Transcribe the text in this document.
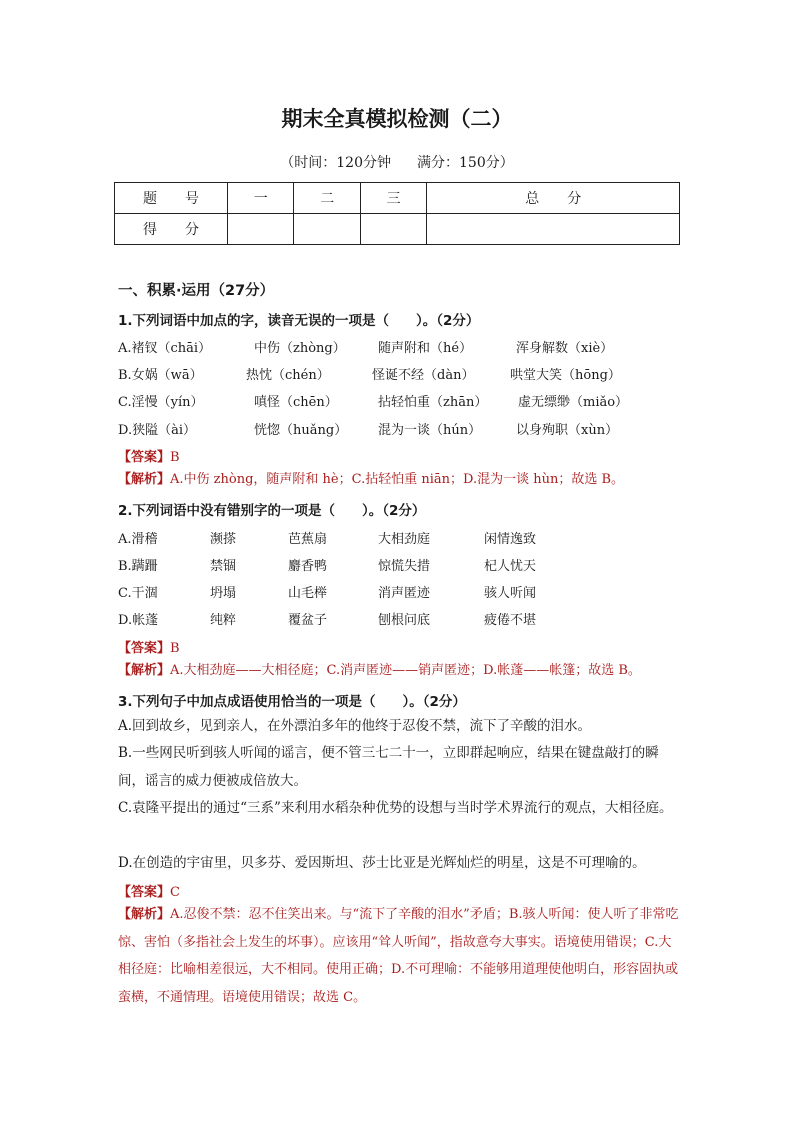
期末全真模拟检测（二）
（时间：120分钟 满分：150分）
题　　号	一	二	三	总　　分
得　　分				
一、积累·运用（27分）
1.下列词语中加点的字，读音无误的一项是（　　）。（2分）
A.褚钗（chāi）	中伤（zhòng） 随声附和（hé）	浑身解数（xiè）
B.女娲（wā）	热忱（chén）	怪诞不经（dàn）	哄堂大笑（hōng）
C.淫慢（yín）	嗔怪（chēn）	拈轻怕重（zhān） 虚无缥缈（miǎo）
D.狭隘（ài）	恍惚（huǎng） 混为一谈（hún）	以身殉职（xùn）
【答案】B
【解析】A.中伤 zhòng，随声附和 hè；C.拈轻怕重 niān；D.混为一谈 hùn；故选 B。
2.下列词语中没有错别字的一项是（　　）。（2分）
A.滑稽	濒搽	芭蕉扇	大相劲庭	闲情逸致
B.蹒跚	禁锢	麝香鸭	惊慌失措	杞人忧天
C.干涸	坍塌	山毛榉	消声匿迹	骇人听闻
D.帐蓬	纯粹	覆盆子	刨根问底	疲倦不堪
【答案】B
【解析】A.大相劲庭——大相径庭；C.消声匿迹——销声匿迹；D.帐蓬——帐篷；故选 B。
3.下列句子中加点成语使用恰当的一项是（　　）。（2分）
A.回到故乡，见到亲人，在外漂泊多年的他终于忍俊不禁，流下了辛酸的泪水。
B.一些网民听到骇人听闻的谣言，便不管三七二十一，立即群起响应，结果在键盘敲打的瞬间，谣言的威力便被成倍放大。
C.袁隆平提出的通过“三系”来利用水稻杂种优势的设想与当时学术界流行的观点，大相径庭。
D.在创造的宇宙里，贝多芬、爱因斯坦、莎士比亚是光辉灿烂的明星，这是不可理喻的。
【答案】C
【解析】A.忍俊不禁：忍不住笑出来。与“流下了辛酸的泪水”矛盾；B.骇人听闻：使人听了非常吃惊、害怕（多指社会上发生的坏事）。应该用“耸人听闻”，指故意夸大事实。语境使用错误；C.大相径庭：比喻相差很远，大不相同。使用正确；D.不可理喻：不能够用道理使他明白，形容固执或蛮横，不通情理。语境使用错误；故选 C。
